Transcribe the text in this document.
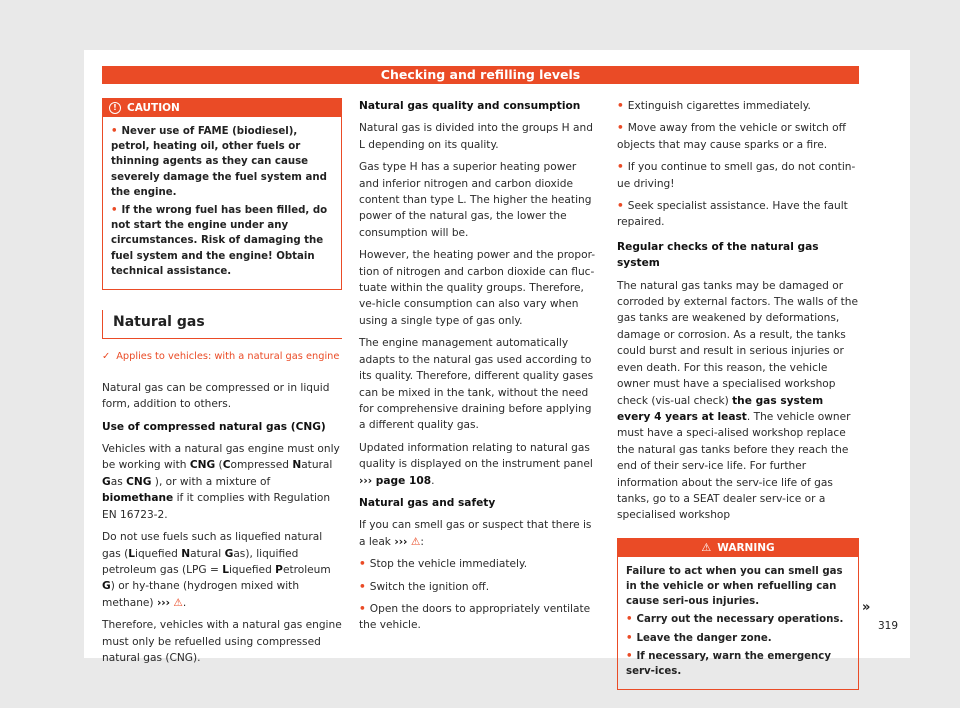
Checking and refilling levels
! CAUTION
• Never use of FAME (biodiesel), petrol, heating oil, other fuels or thinning agents as they can cause severely damage the fuel system and the engine.
• If the wrong fuel has been filled, do not start the engine under any circumstances. Risk of damaging the fuel system and the engine! Obtain technical assistance.
Natural gas
✓ Applies to vehicles: with a natural gas engine

Natural gas can be compressed or in liquid form, addition to others.

Use of compressed natural gas (CNG)

Vehicles with a natural gas engine must only be working with CNG (Compressed Natural Gas CNG ), or with a mixture of biomethane if it complies with Regulation EN 16723-2.

Do not use fuels such as liquefied natural gas (Liquefied Natural Gas), liquified petroleum gas (LPG = Liquefied Petroleum G) or hy-thane (hydrogen mixed with methane) ››› ⚠.

Therefore, vehicles with a natural gas engine must only be refuelled using compressed natural gas (CNG).

Natural gas quality and consumption

Natural gas is divided into the groups H and L depending on its quality.

Gas type H has a superior heating power and inferior nitrogen and carbon dioxide content than type L. The higher the heating power of the natural gas, the lower the consumption will be.

However, the heating power and the propor-tion of nitrogen and carbon dioxide can fluc-tuate within the quality groups. Therefore, ve-hicle consumption can also vary when using a single type of gas only.

The engine management automatically adapts to the natural gas used according to its quality. Therefore, different quality gases can be mixed in the tank, without the need for comprehensive draining before applying a different quality gas.

Updated information relating to natural gas quality is displayed on the instrument panel ››› page 108.

Natural gas and safety

If you can smell gas or suspect that there is a leak ››› ⚠:

• Stop the vehicle immediately.

• Switch the ignition off.

• Open the doors to appropriately ventilate the vehicle.

• Extinguish cigarettes immediately.

• Move away from the vehicle or switch off objects that may cause sparks or a fire.

• If you continue to smell gas, do not contin-ue driving!

• Seek specialist assistance. Have the fault repaired.

Regular checks of the natural gas system

The natural gas tanks may be damaged or corroded by external factors. The walls of the gas tanks are weakened by deformations, damage or corrosion. As a result, the tanks could burst and result in serious injuries or even death. For this reason, the vehicle owner must have a specialised workshop check (vis-ual check) the gas system every 4 years at least. The vehicle owner must have a speci-alised workshop replace the natural gas tanks before they reach the end of their serv-ice life. For further information about the serv-ice life of gas tanks, go to a SEAT dealer serv-ice or a specialised workshop

⚠ WARNING
Failure to act when you can smell gas in the vehicle or when refuelling can cause seri-ous injuries.
• Carry out the necessary operations.
• Leave the danger zone.
• If necessary, warn the emergency serv-ices.
»
319
